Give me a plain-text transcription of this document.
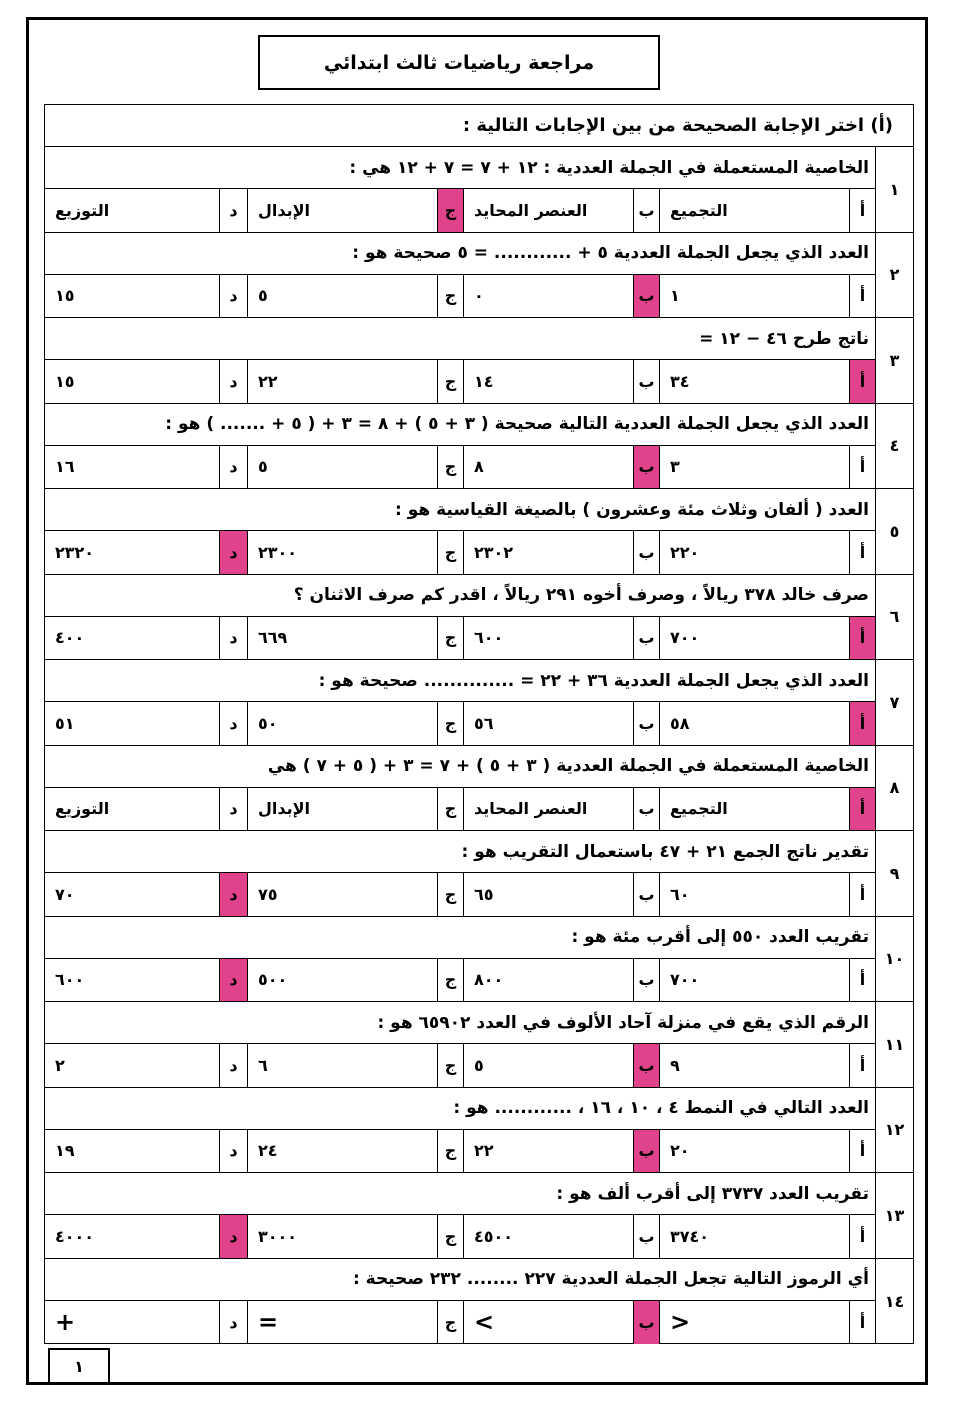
مراجعة رياضيات ثالث ابتدائي
(أ) اختر الإجابة الصحيحة من بين الإجابات التالية :
١
الخاصية المستعملة في الجملة العددية : ١٢ + ٧ = ٧ + ١٢ هي :
أ
التجميع
ب
العنصر المحايد
ج
الإبدال
د
التوزيع
٢
العدد الذي يجعل الجملة العددية ٥ + ............ = ٥ صحيحة هو :
أ
١
ب
٠
ج
٥
د
١٥
٣
ناتج طرح ٤٦ − ١٢ =
أ
٣٤
ب
١٤
ج
٢٢
د
١٥
٤
العدد الذي يجعل الجملة العددية التالية صحيحة ( ٣ + ٥ ) + ٨ = ٣ + ( ٥ + ....... ) هو :
أ
٣
ب
٨
ج
٥
د
١٦
٥
العدد ( ألفان وثلاث مئة وعشرون ) بالصيغة القياسية هو :
أ
٢٢٠
ب
٢٣٠٢
ج
٢٣٠٠
د
٢٣٢٠
٦
صرف خالد ٣٧٨ ريالاً ، وصرف أخوه ٢٩١ ريالاً ، اقدر كم صرف الاثنان ؟
أ
٧٠٠
ب
٦٠٠
ج
٦٦٩
د
٤٠٠
٧
العدد الذي يجعل الجملة العددية ٣٦ + ٢٢ = .............. صحيحة هو :
أ
٥٨
ب
٥٦
ج
٥٠
د
٥١
٨
الخاصية المستعملة في الجملة العددية ( ٣ + ٥ ) + ٧ = ٣ + ( ٥ + ٧ ) هي
أ
التجميع
ب
العنصر المحايد
ج
الإبدال
د
التوزيع
٩
تقدير ناتج الجمع ٢١ + ٤٧ باستعمال التقريب هو :
أ
٦٠
ب
٦٥
ج
٧٥
د
٧٠
١٠
تقريب العدد ٥٥٠ إلى أقرب مئة هو :
أ
٧٠٠
ب
٨٠٠
ج
٥٠٠
د
٦٠٠
١١
الرقم الذي يقع في منزلة آحاد الألوف في العدد ٦٥٩٠٢ هو :
أ
٩
ب
٥
ج
٦
د
٢
١٢
العدد التالي في النمط ٤ ، ١٠ ، ١٦ ، ............ هو :
أ
٢٠
ب
٢٢
ج
٢٤
د
١٩
١٣
تقريب العدد ٣٧٣٧ إلى أقرب ألف هو :
أ
٣٧٤٠
ب
٤٥٠٠
ج
٣٠٠٠
د
٤٠٠٠
١٤
أي الرموز التالية تجعل الجملة العددية ٢٢٧ ........ ٢٣٢ صحيحة :
أ
<
ب
>
ج
=
د
+
١
